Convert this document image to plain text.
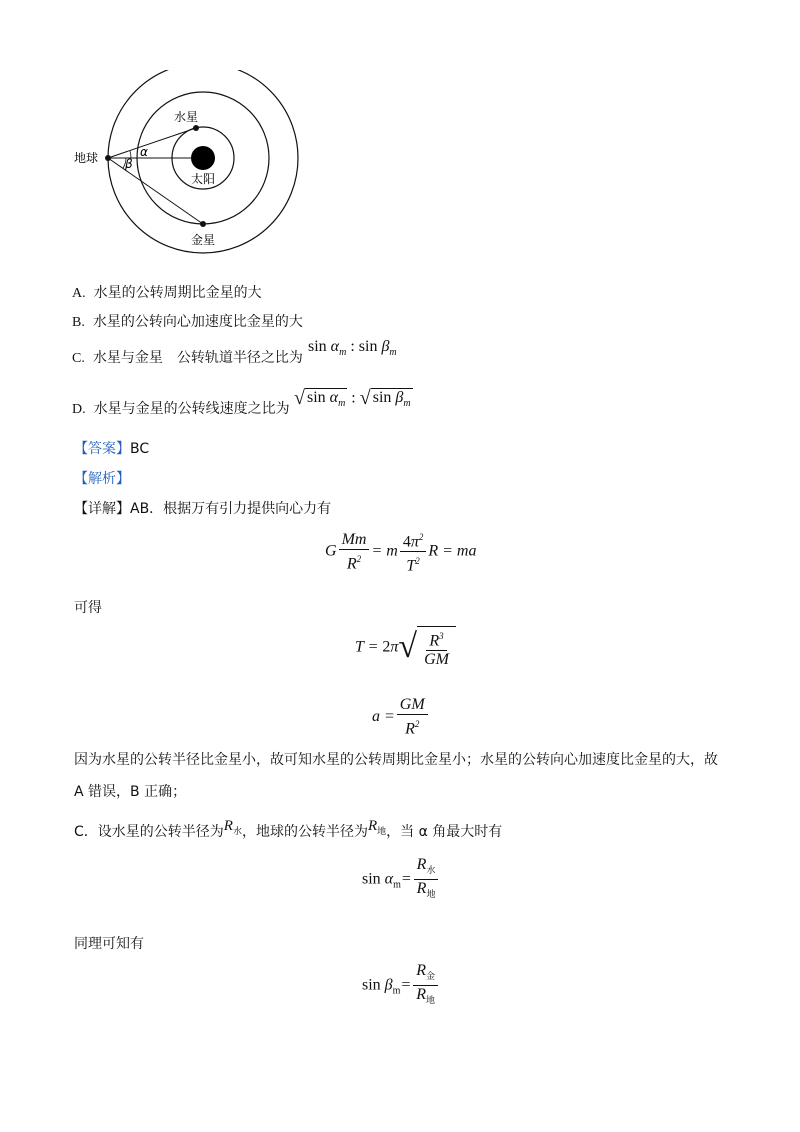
地球
水星
金星
太阳
α
β
A. 水星的公转周期比金星的大
B. 水星的公转向心加速度比金星的大
C. 水星与金星　公转轨道半径之比为
$\sin \alpha_m$ : $\sin \beta_m$
D. 水星与金星的公转线速度之比为 √ $\sin \alpha_m$ : √ $\sin \beta_m$
【答案】BC
【解析】
【详解】AB．根据万有引力提供向心力有
G $\frac{Mm}{R^2} = m \frac{4\pi^2}{T^2}$ R = ma
可得
T = 2π √ $\frac{R^3}{GM}$
$a = \frac{GM}{R^2}$
因为水星的公转半径比金星小，故可知水星的公转周期比金星小；水星的公转向心加速度比金星的大，故
A 错误，B 正确；
C．设水星的公转半径为$R_水$，地球的公转半径为$R_地$，当 α 角最大时有
$\sin \alpha_m= \frac{R_水}{R_地}$
同理可知有
$\sin \beta_m= \frac{R_金}{R_地}$
